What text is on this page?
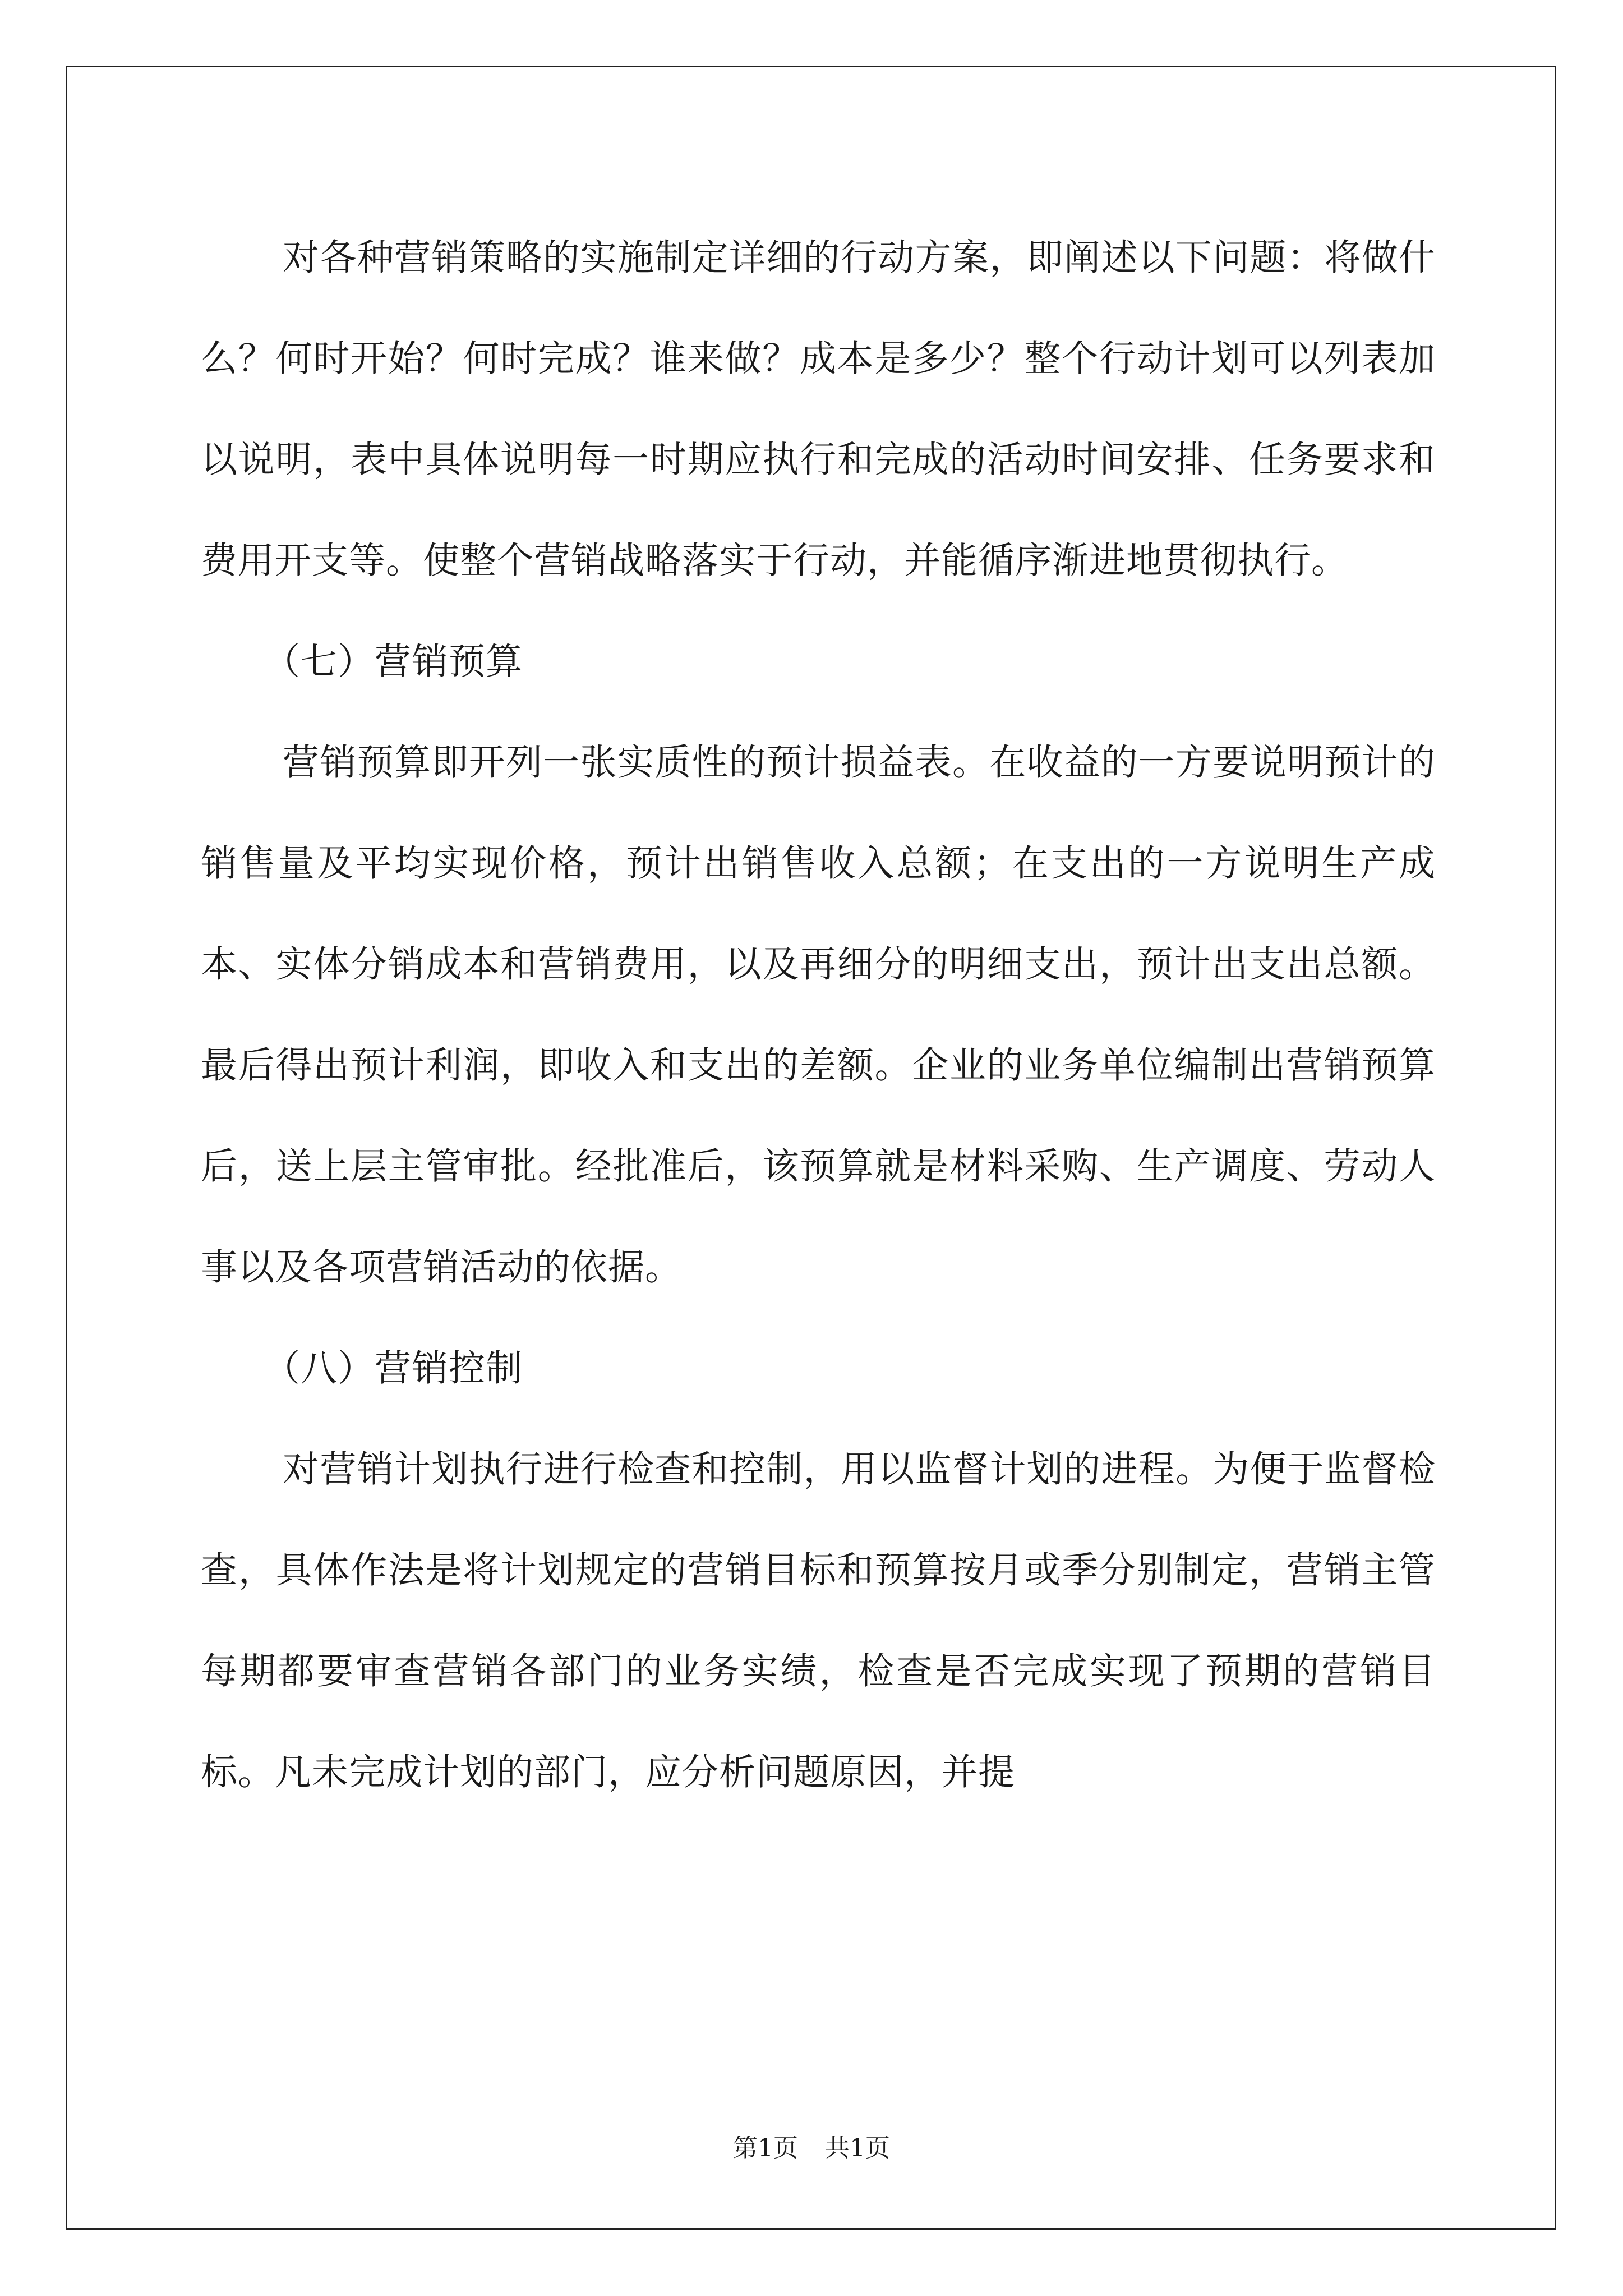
对各种营销策略的实施制定详细的行动方案，即阐述以下问题：将做什么？何时开始？何时完成？谁来做？成本是多少？整个行动计划可以列表加以说明，表中具体说明每一时期应执行和完成的活动时间安排、任务要求和费用开支等。使整个营销战略落实于行动，并能循序渐进地贯彻执行。

（七）营销预算

营销预算即开列一张实质性的预计损益表。在收益的一方要说明预计的销售量及平均实现价格，预计出销售收入总额；在支出的一方说明生产成本、实体分销成本和营销费用，以及再细分的明细支出，预计出支出总额。最后得出预计利润，即收入和支出的差额。企业的业务单位编制出营销预算后，送上层主管审批。经批准后，该预算就是材料采购、生产调度、劳动人事以及各项营销活动的依据。

（八）营销控制

对营销计划执行进行检查和控制，用以监督计划的进程。为便于监督检查，具体作法是将计划规定的营销目标和预算按月或季分别制定，营销主管每期都要审查营销各部门的业务实绩，检查是否完成实现了预期的营销目标。凡未完成计划的部门，应分析问题原因，并提

第1页 共1页
